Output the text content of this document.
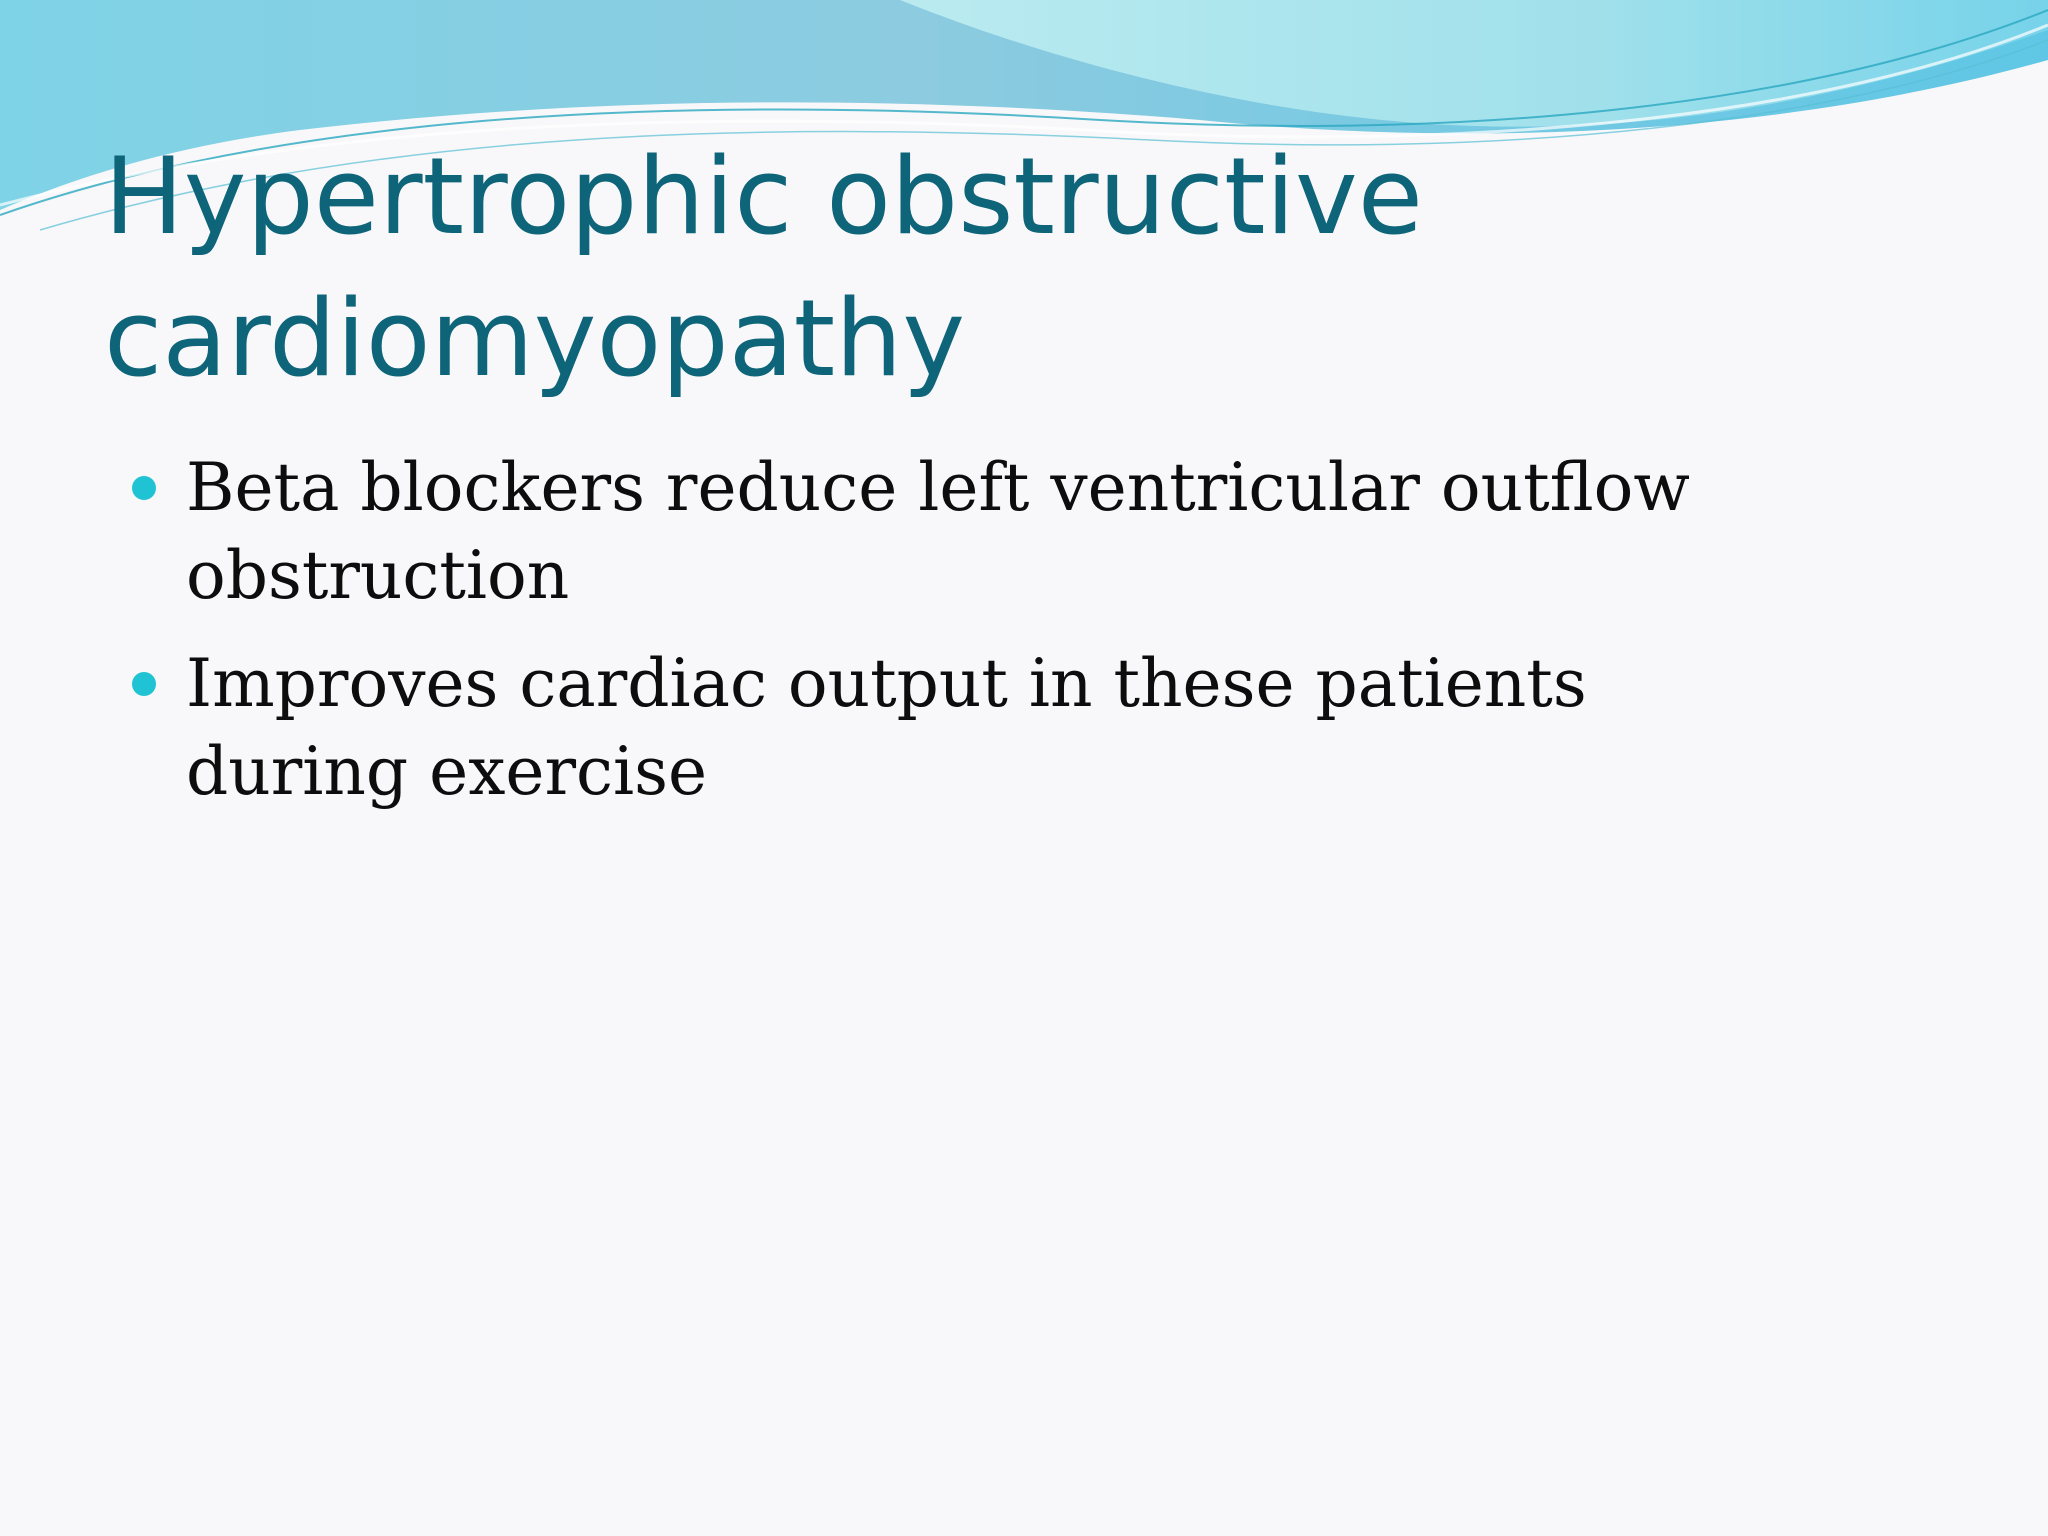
Hypertrophic obstructive cardiomyopathy
Beta blockers reduce left ventricular outflow obstruction
Improves cardiac output in these patients during exercise
